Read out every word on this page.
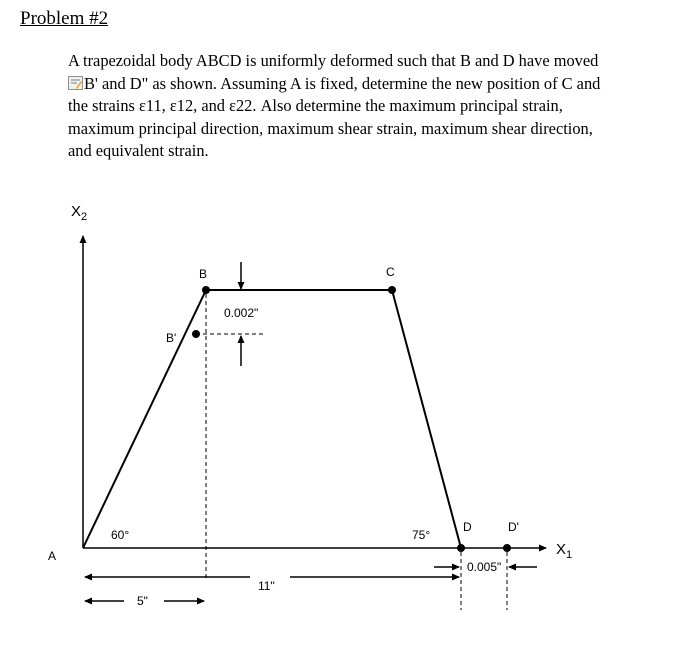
Problem #2
A trapezoidal body ABCD is uniformly deformed such that B and D have moved
B' and D" as shown. Assuming A is fixed, determine the new position of C and
the strains ε11, ε12, and ε22. Also determine the maximum principal strain,
maximum principal direction, maximum shear strain, maximum shear direction,
and equivalent strain.
$X_2$
$X_1$
A
B
B'
C
D	D'
60°	75°
0.002"
0.005"
11"
5"
